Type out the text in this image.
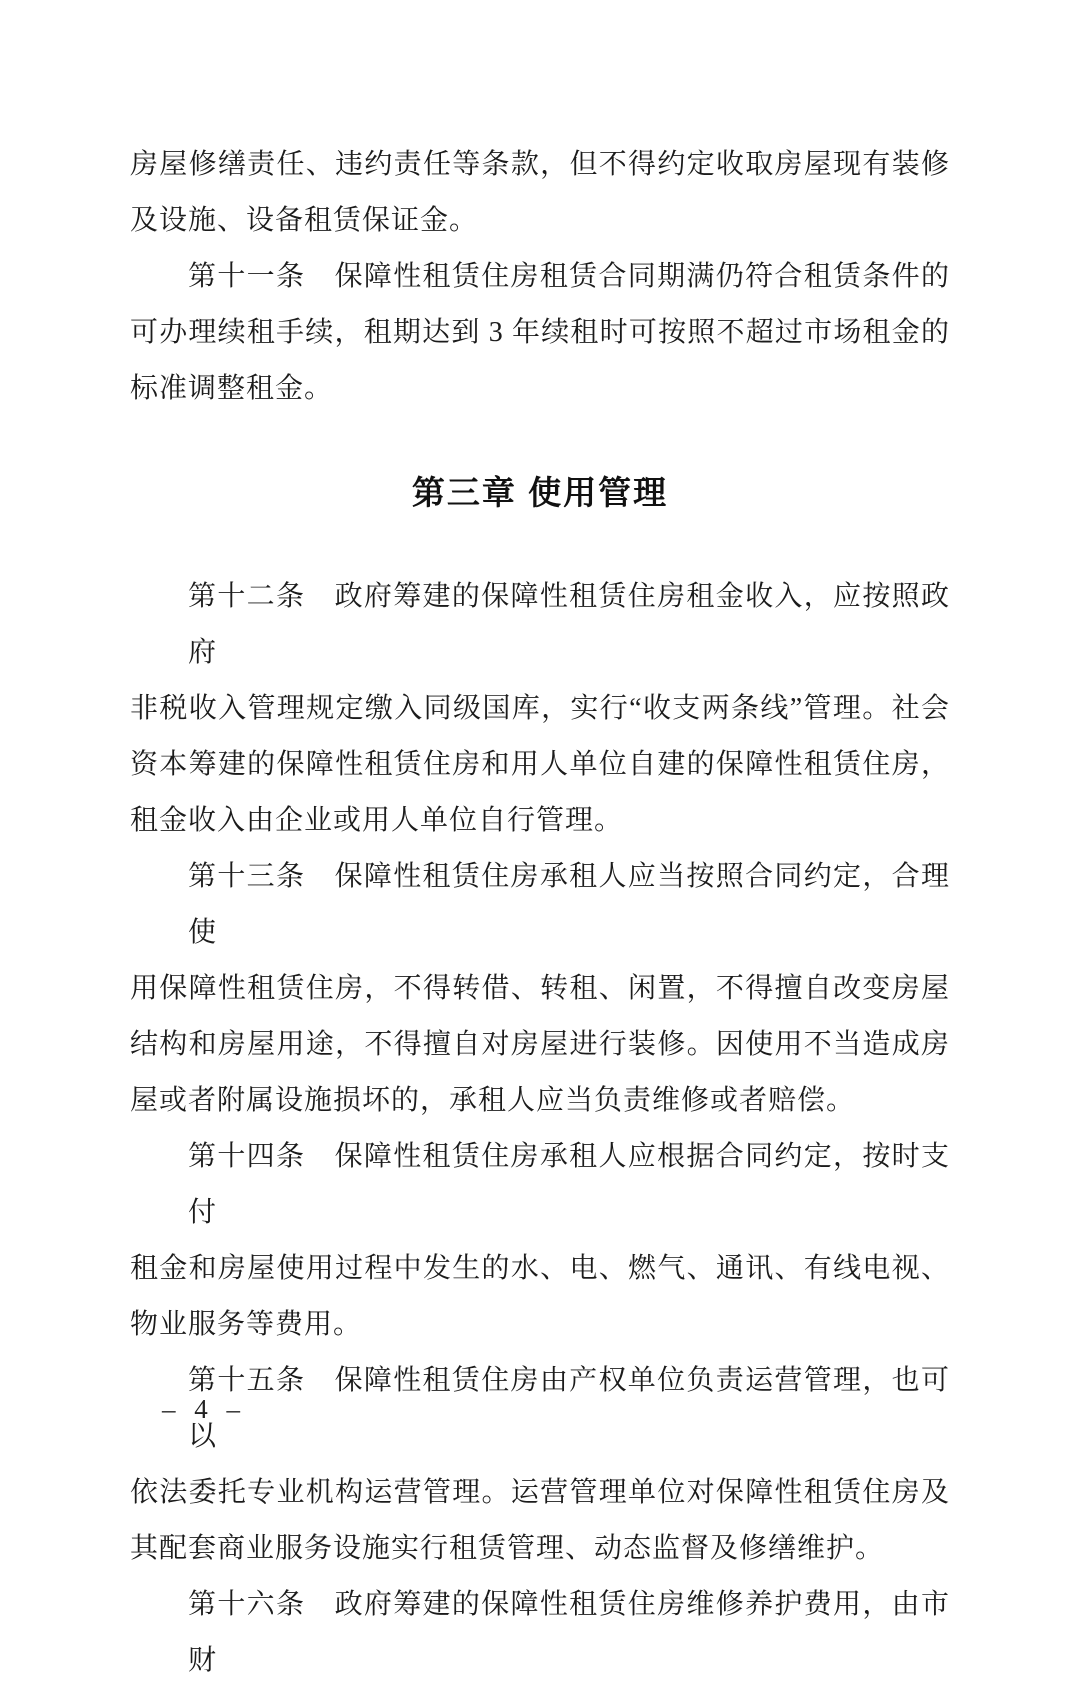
房屋修缮责任、违约责任等条款，但不得约定收取房屋现有装修
及设施、设备租赁保证金。
第十一条　保障性租赁住房租赁合同期满仍符合租赁条件的
可办理续租手续，租期达到 3 年续租时可按照不超过市场租金的
标准调整租金。
第三章 使用管理
第十二条　政府筹建的保障性租赁住房租金收入，应按照政府
非税收入管理规定缴入同级国库，实行“收支两条线”管理。社会
资本筹建的保障性租赁住房和用人单位自建的保障性租赁住房，
租金收入由企业或用人单位自行管理。
第十三条　保障性租赁住房承租人应当按照合同约定，合理使
用保障性租赁住房，不得转借、转租、闲置，不得擅自改变房屋
结构和房屋用途，不得擅自对房屋进行装修。因使用不当造成房
屋或者附属设施损坏的，承租人应当负责维修或者赔偿。
第十四条　保障性租赁住房承租人应根据合同约定，按时支付
租金和房屋使用过程中发生的水、电、燃气、通讯、有线电视、
物业服务等费用。
第十五条　保障性租赁住房由产权单位负责运营管理，也可以
依法委托专业机构运营管理。运营管理单位对保障性租赁住房及
其配套商业服务设施实行租赁管理、动态监督及修缮维护。
第十六条　政府筹建的保障性租赁住房维修养护费用，由市财
– 4 –
